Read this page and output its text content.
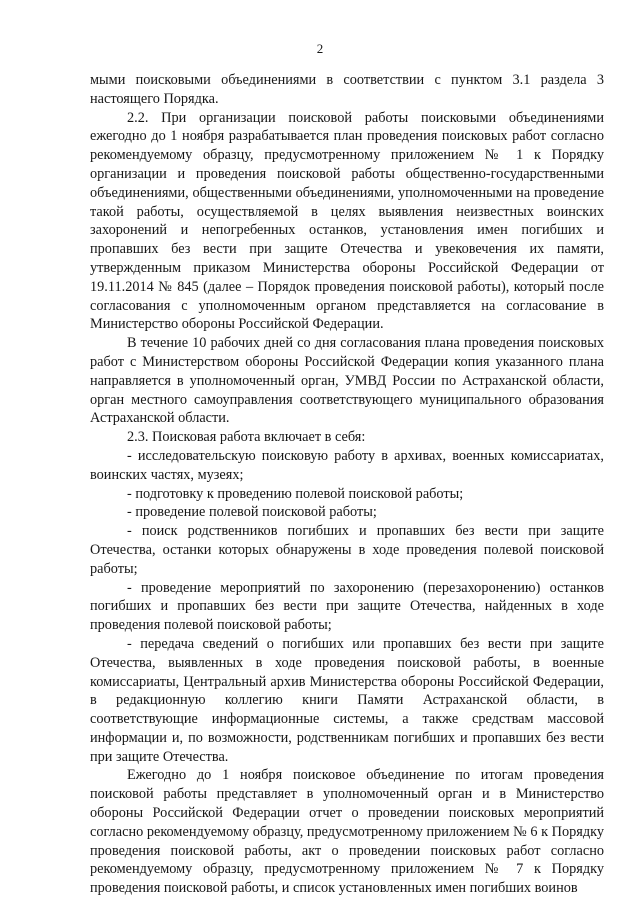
2

мыми поисковыми объединениями в соответствии с пунктом 3.1 раздела 3 настоящего Порядка.

2.2. При организации поисковой работы поисковыми объединениями ежегодно до 1 ноября разрабатывается план проведения поисковых работ согласно рекомендуемому образцу, предусмотренному приложением № 1 к Порядку организации и проведения поисковой работы общественно-государственными объединениями, общественными объединениями, уполномоченными на проведение такой работы, осуществляемой в целях выявления неизвестных воинских захоронений и непогребенных останков, установления имен погибших и пропавших без вести при защите Отечества и увековечения их памяти, утвержденным приказом Министерства обороны Российской Федерации от 19.11.2014 № 845 (далее – Порядок проведения поисковой работы), который после согласования с уполномоченным органом представляется на согласование в Министерство обороны Российской Федерации.

В течение 10 рабочих дней со дня согласования плана проведения поисковых работ с Министерством обороны Российской Федерации копия указанного плана направляется в уполномоченный орган, УМВД России по Астраханской области, орган местного самоуправления соответствующего муниципального образования Астраханской области.

2.3. Поисковая работа включает в себя:

- исследовательскую поисковую работу в архивах, военных комиссариатах, воинских частях, музеях;

- подготовку к проведению полевой поисковой работы;

- проведение полевой поисковой работы;

- поиск родственников погибших и пропавших без вести при защите Отечества, останки которых обнаружены в ходе проведения полевой поисковой работы;

- проведение мероприятий по захоронению (перезахоронению) останков погибших и пропавших без вести при защите Отечества, найденных в ходе проведения полевой поисковой работы;

- передача сведений о погибших или пропавших без вести при защите Отечества, выявленных в ходе проведения поисковой работы, в военные комиссариаты, Центральный архив Министерства обороны Российской Федерации, в редакционную коллегию книги Памяти Астраханской области, в соответствующие информационные системы, а также средствам массовой информации и, по возможности, родственникам погибших и пропавших без вести при защите Отечества.

Ежегодно до 1 ноября поисковое объединение по итогам проведения поисковой работы представляет в уполномоченный орган и в Министерство обороны Российской Федерации отчет о проведении поисковых мероприятий согласно рекомендуемому образцу, предусмотренному приложением № 6 к Порядку проведения поисковой работы, акт о проведении поисковых работ согласно рекомендуемому образцу, предусмотренному приложением № 7 к Порядку проведения поисковой работы, и список установленных имен погибших воинов
